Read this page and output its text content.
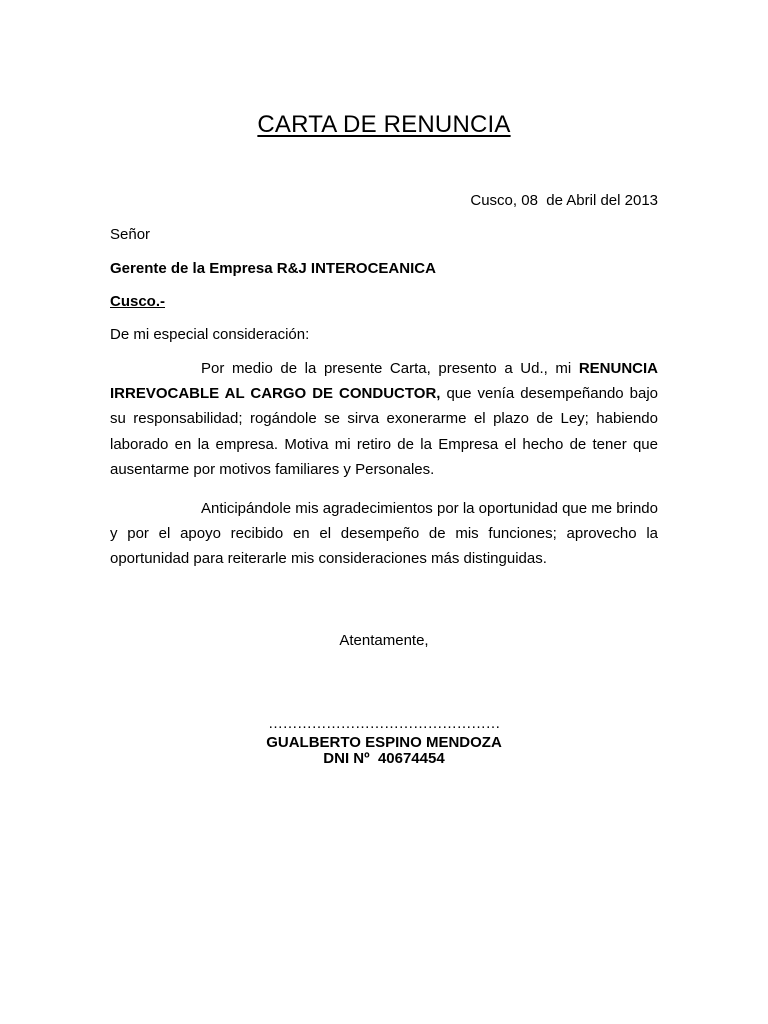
CARTA DE RENUNCIA
Cusco, 08  de Abril del 2013
Señor
Gerente de la Empresa R&J INTEROCEANICA
Cusco.-
De mi especial consideración:
Por medio de la presente Carta, presento a Ud., mi RENUNCIA IRREVOCABLE AL CARGO DE CONDUCTOR, que venía desempeñando bajo su responsabilidad; rogándole se sirva exonerarme el plazo de Ley; habiendo laborado en la empresa. Motiva mi retiro de la Empresa el hecho de tener que ausentarme por motivos familiares y Personales.
Anticipándole mis agradecimientos por la oportunidad que me brindo y por el apoyo recibido en el desempeño de mis funciones; aprovecho la oportunidad para reiterarle mis consideraciones más distinguidas.
Atentamente,
…………………………………………
GUALBERTO ESPINO MENDOZA
DNI Nº  40674454
